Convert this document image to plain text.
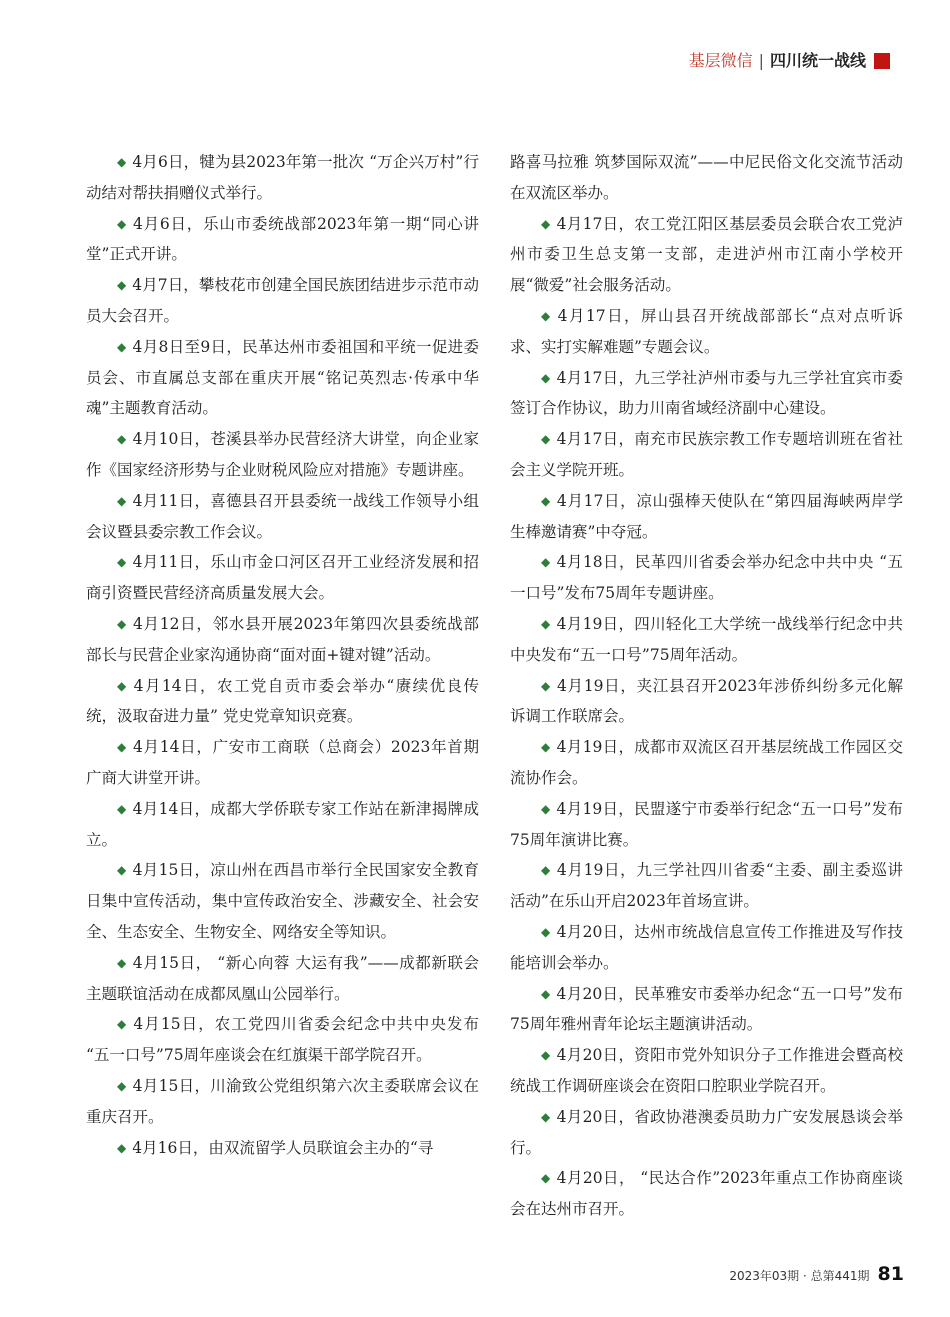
基层微信 | 四川统一战线

◆ 4月6日，犍为县2023年第一批次 “万企兴万村”行动结对帮扶捐赠仪式举行。

◆ 4月6日，乐山市委统战部2023年第一期“同心讲堂”正式开讲。

◆ 4月7日，攀枝花市创建全国民族团结进步示范市动员大会召开。

◆ 4月8日至9日，民革达州市委祖国和平统一促进委员会、市直属总支部在重庆开展“铭记英烈志·传承中华魂”主题教育活动。

◆ 4月10日，苍溪县举办民营经济大讲堂，向企业家作《国家经济形势与企业财税风险应对措施》专题讲座。

◆ 4月11日，喜德县召开县委统一战线工作领导小组会议暨县委宗教工作会议。

◆ 4月11日，乐山市金口河区召开工业经济发展和招商引资暨民营经济高质量发展大会。

◆ 4月12日，邻水县开展2023年第四次县委统战部部长与民营企业家沟通协商“面对面+键对键”活动。

◆ 4月14日，农工党自贡市委会举办“赓续优良传统，汲取奋进力量” 党史党章知识竞赛。

◆ 4月14日，广安市工商联（总商会）2023年首期广商大讲堂开讲。

◆ 4月14日，成都大学侨联专家工作站在新津揭牌成立。

◆ 4月15日，凉山州在西昌市举行全民国家安全教育日集中宣传活动，集中宣传政治安全、涉藏安全、社会安全、生态安全、生物安全、网络安全等知识。

◆ 4月15日， “新心向蓉 大运有我”——成都新联会主题联谊活动在成都凤凰山公园举行。

◆ 4月15日，农工党四川省委会纪念中共中央发布 “五一口号”75周年座谈会在红旗渠干部学院召开。

◆ 4月15日，川渝致公党组织第六次主委联席会议在重庆召开。

◆ 4月16日，由双流留学人员联谊会主办的“寻

路喜马拉雅 筑梦国际双流”——中尼民俗文化交流节活动在双流区举办。

◆ 4月17日，农工党江阳区基层委员会联合农工党泸州市委卫生总支第一支部，走进泸州市江南小学校开展“微爱”社会服务活动。

◆ 4月17日，屏山县召开统战部部长“点对点听诉求、实打实解难题”专题会议。

◆ 4月17日，九三学社泸州市委与九三学社宜宾市委签订合作协议，助力川南省域经济副中心建设。

◆ 4月17日，南充市民族宗教工作专题培训班在省社会主义学院开班。

◆ 4月17日，凉山强棒天使队在“第四届海峡两岸学生棒邀请赛”中夺冠。

◆ 4月18日，民革四川省委会举办纪念中共中央 “五一口号”发布75周年专题讲座。

◆ 4月19日，四川轻化工大学统一战线举行纪念中共中央发布“五一口号”75周年活动。

◆ 4月19日，夹江县召开2023年涉侨纠纷多元化解诉调工作联席会。

◆ 4月19日，成都市双流区召开基层统战工作园区交流协作会。

◆ 4月19日，民盟遂宁市委举行纪念“五一口号”发布75周年演讲比赛。

◆ 4月19日，九三学社四川省委“主委、副主委巡讲活动”在乐山开启2023年首场宣讲。

◆ 4月20日，达州市统战信息宣传工作推进及写作技能培训会举办。

◆ 4月20日，民革雅安市委举办纪念“五一口号”发布75周年雅州青年论坛主题演讲活动。

◆ 4月20日，资阳市党外知识分子工作推进会暨高校统战工作调研座谈会在资阳口腔职业学院召开。

◆ 4月20日，省政协港澳委员助力广安发展恳谈会举行。

◆ 4月20日， “民达合作”2023年重点工作协商座谈会在达州市召开。

2023年03期 · 总第441期 81
